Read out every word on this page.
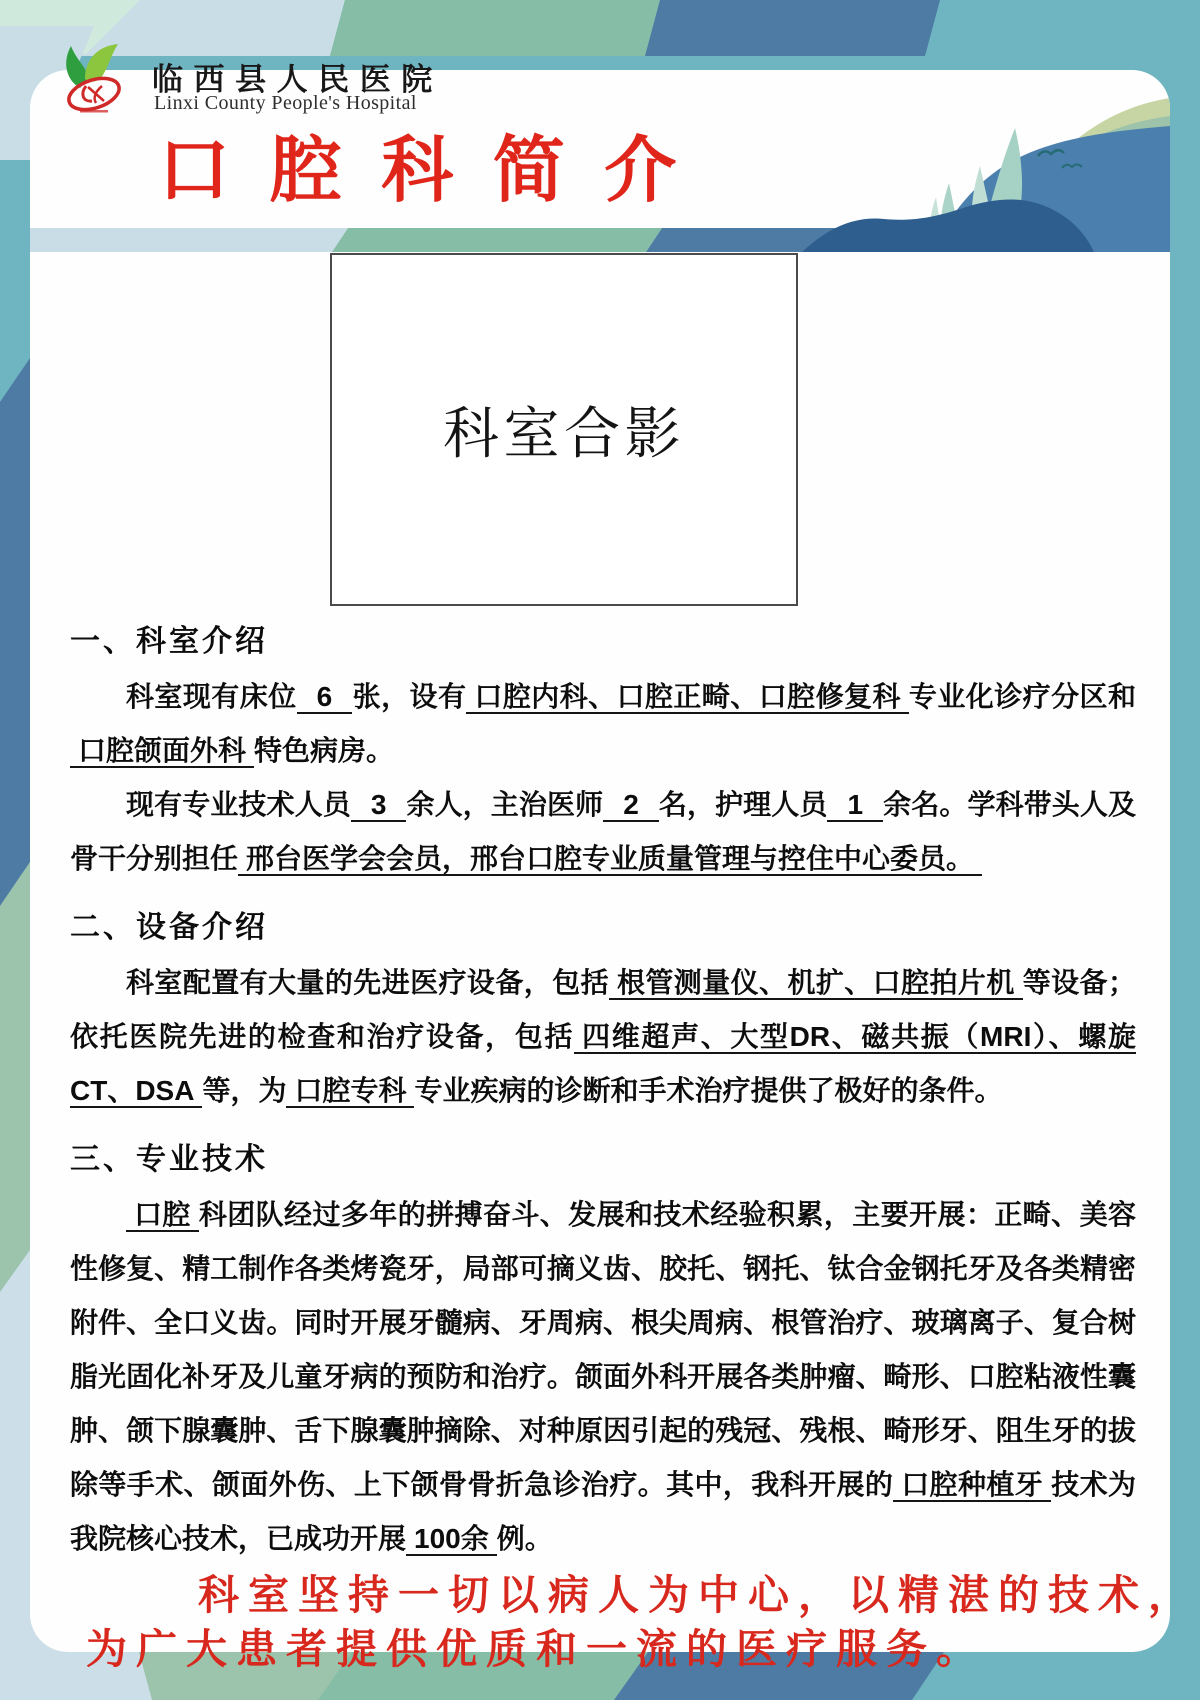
临西县人民医院
Linxi County People's Hospital
口腔科简介
科室合影
一、科室介绍

科室现有床位 6 张，设有 口腔内科、口腔正畸、口腔修复科 专业化诊疗分区和口腔颌面外科 特色病房。

现有专业技术人员 3 余人，主治医师 2 名，护理人员 1 余名。学科带头人及骨干分别担任 邢台医学会会员，邢台口腔专业质量管理与控住中心委员。

二、设备介绍

科室配置有大量的先进医疗设备，包括 根管测量仪、机扩、口腔拍片机 等设备；依托医院先进的检查和治疗设备，包括 四维超声、大型DR、磁共振（MRI）、螺旋CT、DSA 等，为 口腔专科 专业疾病的诊断和手术治疗提供了极好的条件。

三、专业技术

口腔 科团队经过多年的拼搏奋斗、发展和技术经验积累，主要开展：正畸、美容性修复、精工制作各类烤瓷牙，局部可摘义齿、胶托、钢托、钛合金钢托牙及各类精密附件、全口义齿。同时开展牙髓病、牙周病、根尖周病、根管治疗、玻璃离子、复合树脂光固化补牙及儿童牙病的预防和治疗。颌面外科开展各类肿瘤、畸形、口腔粘液性囊肿、颌下腺囊肿、舌下腺囊肿摘除、对种原因引起的残冠、残根、畸形牙、阻生牙的拔除等手术、颌面外伤、上下颌骨骨折急诊治疗。其中，我科开展的 口腔种植牙 技术为我院核心技术，已成功开展 100余 例。

科室坚持一切以病人为中心，以精湛的技术，
为广大患者提供优质和一流的医疗服务。
